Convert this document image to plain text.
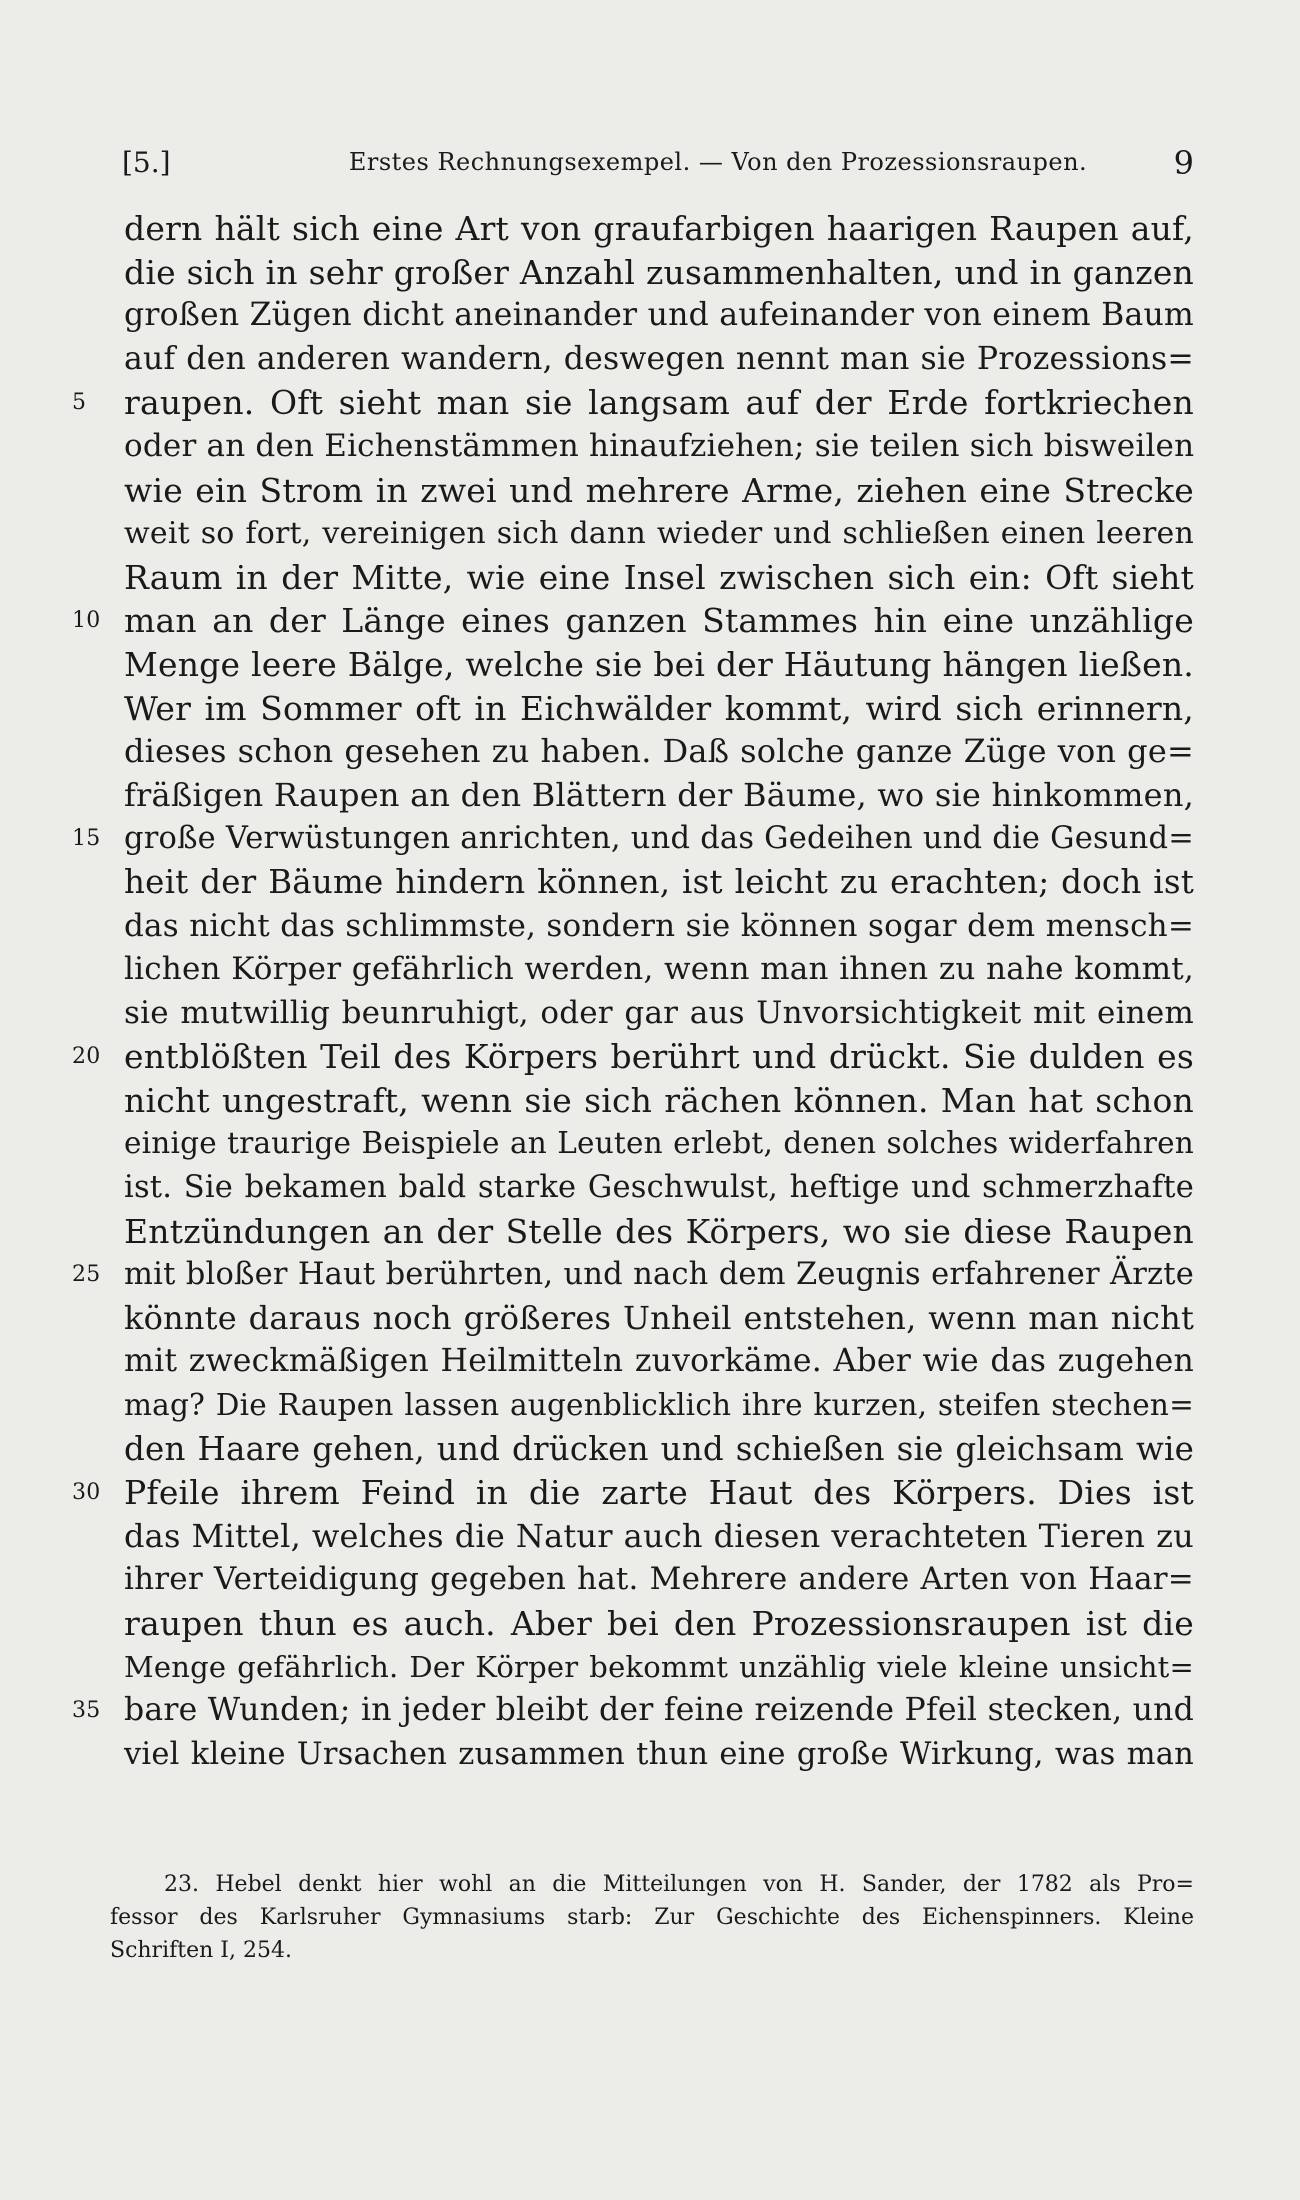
[5.]	Erstes Rechnungsexempel. — Von den Prozessionsraupen.	9
dern hält sich eine Art von graufarbigen haarigen Raupen auf,
die sich in sehr großer Anzahl zusammenhalten, und in ganzen
großen Zügen dicht aneinander und aufeinander von einem Baum
auf den anderen wandern, deswegen nennt man sie Prozessions=
5	raupen. Oft sieht man sie langsam auf der Erde fortkriechen
oder an den Eichenstämmen hinaufziehen; sie teilen sich bisweilen
wie ein Strom in zwei und mehrere Arme, ziehen eine Strecke
weit so fort, vereinigen sich dann wieder und schließen einen leeren
Raum in der Mitte, wie eine Insel zwischen sich ein: Oft sieht
10 man an der Länge eines ganzen Stammes hin eine unzählige
Menge leere Bälge, welche sie bei der Häutung hängen ließen.
Wer im Sommer oft in Eichwälder kommt, wird sich erinnern,
dieses schon gesehen zu haben. Daß solche ganze Züge von ge=
fräßigen Raupen an den Blättern der Bäume, wo sie hinkommen,
15 große Verwüstungen anrichten, und das Gedeihen und die Gesund=
heit der Bäume hindern können, ist leicht zu erachten; doch ist
das nicht das schlimmste, sondern sie können sogar dem mensch=
lichen Körper gefährlich werden, wenn man ihnen zu nahe kommt,
sie mutwillig beunruhigt, oder gar aus Unvorsichtigkeit mit einem
20 entblößten Teil des Körpers berührt und drückt. Sie dulden es
nicht ungestraft, wenn sie sich rächen können. Man hat schon
einige traurige Beispiele an Leuten erlebt, denen solches widerfahren
ist. Sie bekamen bald starke Geschwulst, heftige und schmerzhafte
Entzündungen an der Stelle des Körpers, wo sie diese Raupen
25 mit bloßer Haut berührten, und nach dem Zeugnis erfahrener Ärzte
könnte daraus noch größeres Unheil entstehen, wenn man nicht
mit zweckmäßigen Heilmitteln zuvorkäme. Aber wie das zugehen
mag? Die Raupen lassen augenblicklich ihre kurzen, steifen stechen=
den Haare gehen, und drücken und schießen sie gleichsam wie
30 Pfeile ihrem Feind in die zarte Haut des Körpers. Dies ist
das Mittel, welches die Natur auch diesen verachteten Tieren zu
ihrer Verteidigung gegeben hat. Mehrere andere Arten von Haar=
raupen thun es auch. Aber bei den Prozessionsraupen ist die
Menge gefährlich. Der Körper bekommt unzählig viele kleine unsicht=
35 bare Wunden; in jeder bleibt der feine reizende Pfeil stecken, und
viel kleine Ursachen zusammen thun eine große Wirkung, was man
23. Hebel denkt hier wohl an die Mitteilungen von H. Sander, der 1782 als Pro=
fessor des Karlsruher Gymnasiums starb: Zur Geschichte des Eichenspinners. Kleine
Schriften I, 254.
